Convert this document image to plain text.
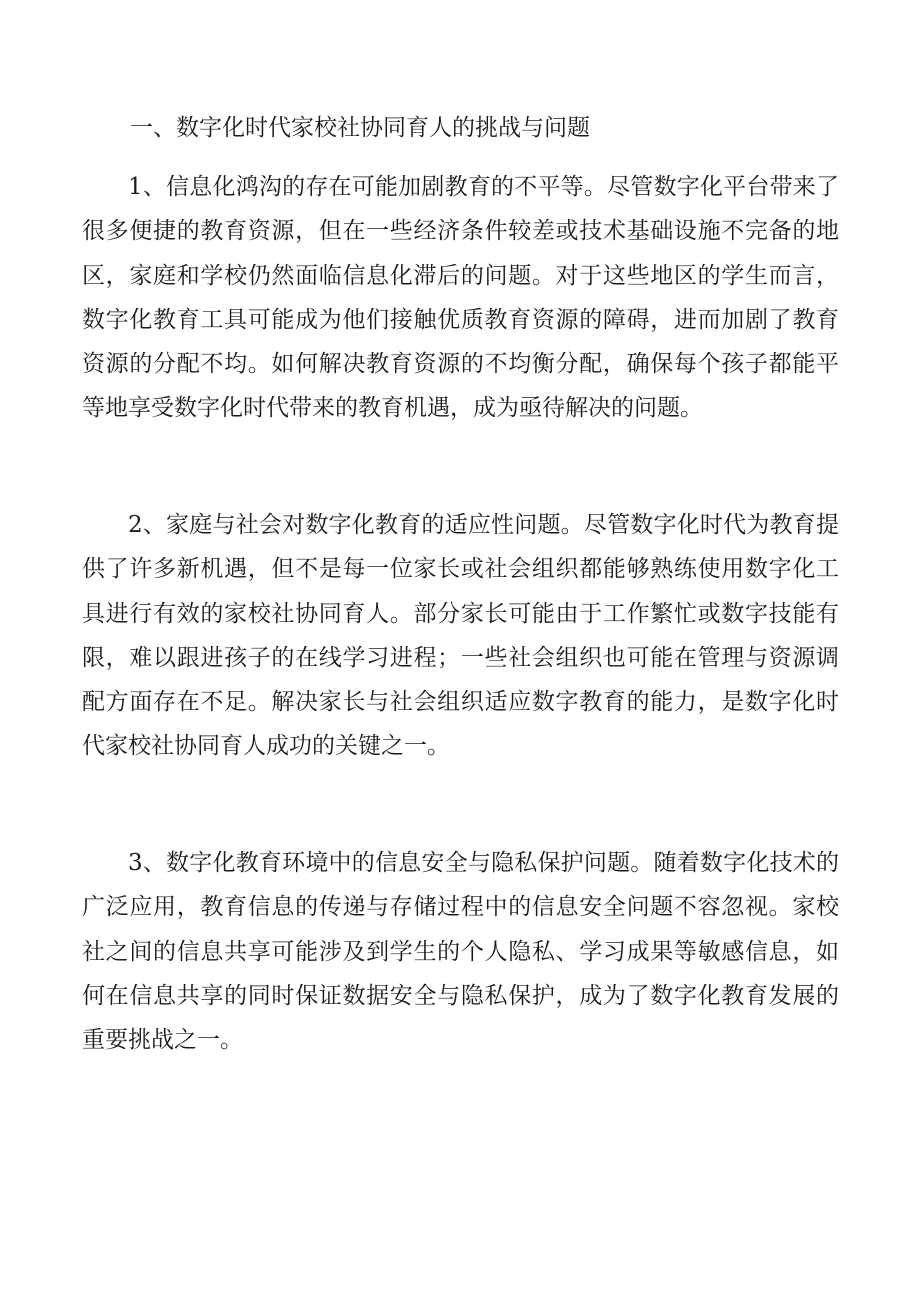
一、数字化时代家校社协同育人的挑战与问题

1、信息化鸿沟的存在可能加剧教育的不平等。尽管数字化平台带来了很多便捷的教育资源，但在一些经济条件较差或技术基础设施不完备的地区，家庭和学校仍然面临信息化滞后的问题。对于这些地区的学生而言，数字化教育工具可能成为他们接触优质教育资源的障碍，进而加剧了教育资源的分配不均。如何解决教育资源的不均衡分配，确保每个孩子都能平等地享受数字化时代带来的教育机遇，成为亟待解决的问题。

2、家庭与社会对数字化教育的适应性问题。尽管数字化时代为教育提供了许多新机遇，但不是每一位家长或社会组织都能够熟练使用数字化工具进行有效的家校社协同育人。部分家长可能由于工作繁忙或数字技能有限，难以跟进孩子的在线学习进程；一些社会组织也可能在管理与资源调配方面存在不足。解决家长与社会组织适应数字教育的能力，是数字化时代家校社协同育人成功的关键之一。

3、数字化教育环境中的信息安全与隐私保护问题。随着数字化技术的广泛应用，教育信息的传递与存储过程中的信息安全问题不容忽视。家校社之间的信息共享可能涉及到学生的个人隐私、学习成果等敏感信息，如何在信息共享的同时保证数据安全与隐私保护，成为了数字化教育发展的重要挑战之一。
